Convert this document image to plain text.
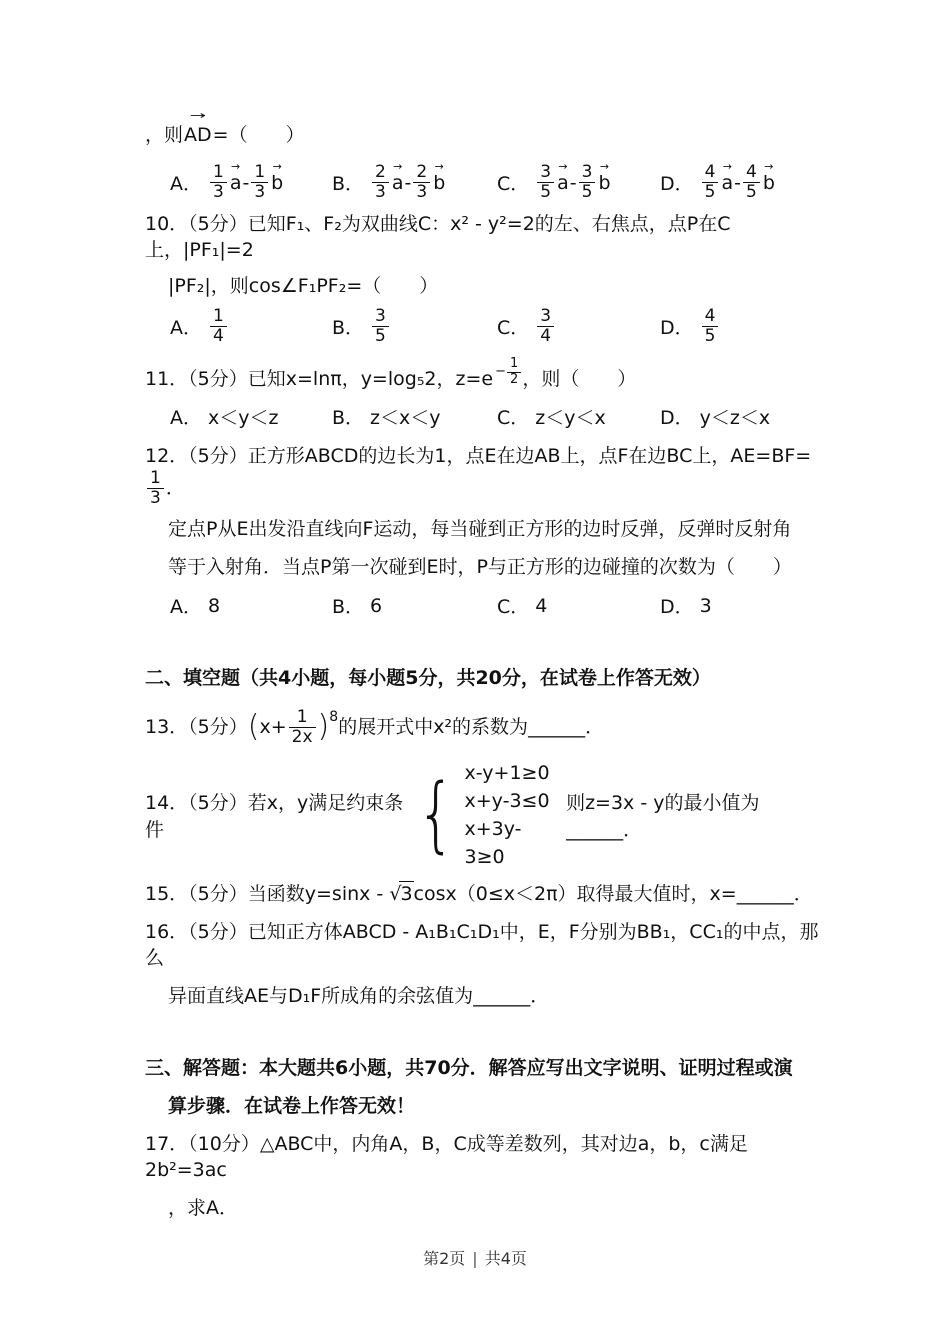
，则
→
AD=（　　）
A． $\frac{1}{3}$ →
a - $\frac{1}{3}$ →
b	B． $\frac{2}{3}$ →
a - $\frac{2}{3}$ →
b	C． $\frac{3}{5}$ →
a - $\frac{3}{5}$ →
b	D． $\frac{4}{5}$ →
a - $\frac{4}{5}$ →
b
10．（5分）已知F₁、F₂为双曲线C：x² - y²=2的左、右焦点，点P在C上，|PF₁|=2
|PF₂|，则cos∠F₁PF₂=（　　）
A． $\frac{1}{4}$	B． $\frac{3}{5}$	C． $\frac{3}{4}$	D． $\frac{4}{5}$
11．（5分）已知x=lnπ，y=log₅2，$z=e - \frac{1}{2}$ ，则（　　）
A． x＜y＜z	B． z＜x＜y	C． z＜y＜x	D． y＜z＜x
12．（5分）正方形ABCD的边长为1，点E在边AB上，点F在边BC上，AE=BF=
$\frac{1}{3}$ ．
定点P从E出发沿直线向F运动，每当碰到正方形的边时反弹，反弹时反射角
等于入射角．当点P第一次碰到E时，P与正方形的边碰撞的次数为（　　）
A． 8	B． 6	C． 4	D． 3
二、填空题（共4小题，每小题5分，共20分，在试卷上作答无效）
13．（5分）$(x+ \frac{1}{2x} )^8$的展开式中x²的系数为______．
14．（5分）若x，y满足约束条件	{ x-y+1≥0
x+y-3≤0
x+3y-3≥0
则z=3x - y的最小值为______．
15．（5分）当函数y=sinx - √3cosx（0≤x＜2π）取得最大值时，x=______．
16．（5分）已知正方体ABCD - A₁B₁C₁D₁中，E，F分别为BB₁，CC₁的中点，那么
异面直线AE与D₁F所成角的余弦值为______．
三、解答题：本大题共6小题，共70分．解答应写出文字说明、证明过程或演
算步骤．在试卷上作答无效！
17．（10分）△ABC中，内角A，B，C成等差数列，其对边a，b，c满足2b²=3ac
，求A．
第2页 | 共4页
